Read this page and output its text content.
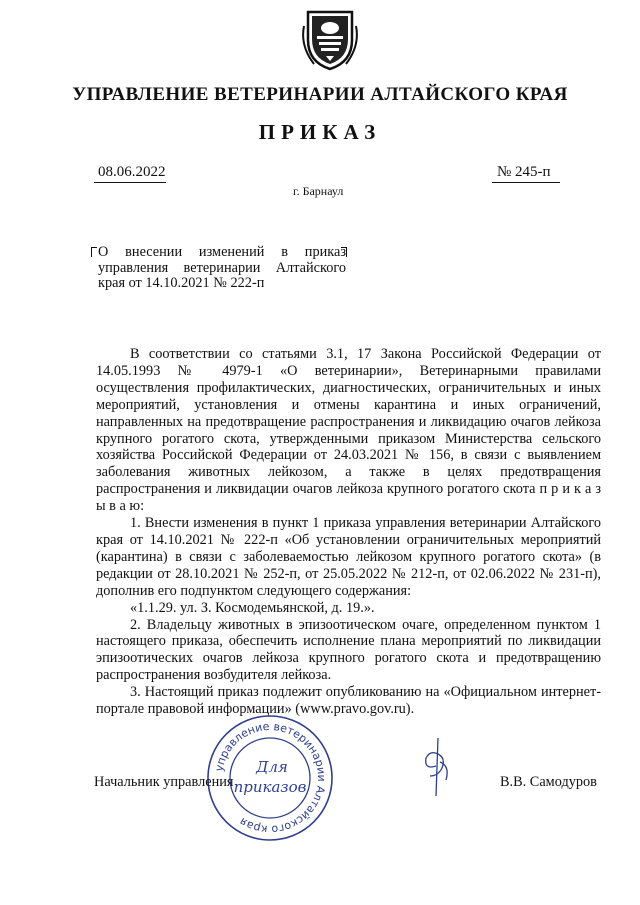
УПРАВЛЕНИЕ ВЕТЕРИНАРИИ АЛТАЙСКОГО КРАЯ
ПРИКАЗ
08.06.2022	№ 245-п
г. Барнаул
О внесении изменений в приказ управления ветеринарии Алтайского края от 14.10.2021 № 222-п

В соответствии со статьями 3.1, 17 Закона Российской Федерации от 14.05.1993 № 4979-1 «О ветеринарии», Ветеринарными правилами осуществления профилактических, диагностических, ограничительных и иных мероприятий, установления и отмены карантина и иных ограничений, направленных на предотвращение распространения и ликвидацию очагов лейкоза крупного рогатого скота, утвержденными приказом Министерства сельского хозяйства Российской Федерации от 24.03.2021 № 156, в связи с выявлением заболевания животных лейкозом, а также в целях предотвращения распространения и ликвидации очагов лейкоза крупного рогатого скота п р и к а з ы в а ю:

1. Внести изменения в пункт 1 приказа управления ветеринарии Алтайского края от 14.10.2021 № 222-п «Об установлении ограничительных мероприятий (карантина) в связи с заболеваемостью лейкозом крупного рогатого скота» (в редакции от 28.10.2021 № 252-п, от 25.05.2022 № 212-п, от 02.06.2022 № 231-п), дополнив его подпунктом следующего содержания:

«1.1.29. ул. З. Космодемьянской, д. 19.».

2. Владельцу животных в эпизоотическом очаге, определенном пунктом 1 настоящего приказа, обеспечить исполнение плана мероприятий по ликвидации эпизоотических очагов лейкоза крупного рогатого скота и предотвращению распространения возбудителя лейкоза.

3. Настоящий приказ подлежит опубликованию на «Официальном интернет-портале правовой информации» (www.pravo.gov.ru).

управление ветеринарии Алтайского края
Для
приказов
Начальник управления	В.В. Самодуров
